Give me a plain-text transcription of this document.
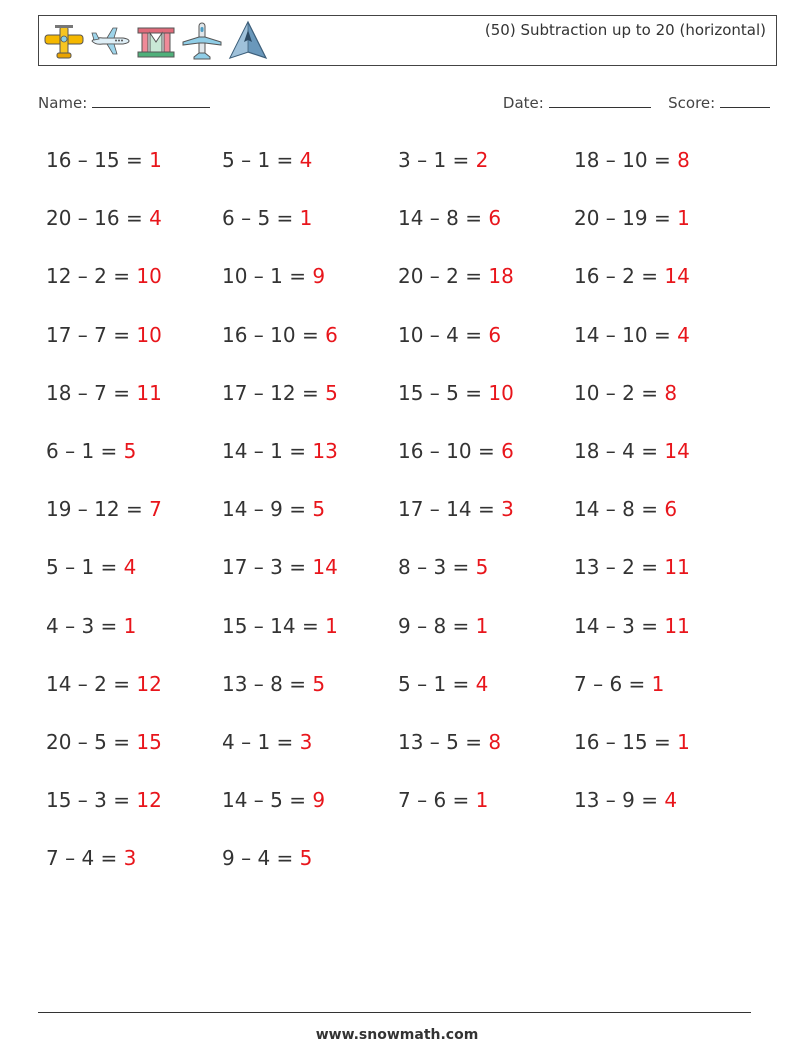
(50) Subtraction up to 20 (horizontal)
Name:	Date:	Score:
16 – 15 = 1	5 – 1 = 4	3 – 1 = 2	18 – 10 = 8
20 – 16 = 4	6 – 5 = 1	14 – 8 = 6	20 – 19 = 1
12 – 2 = 10	10 – 1 = 9	20 – 2 = 18	16 – 2 = 14
17 – 7 = 10	16 – 10 = 6	10 – 4 = 6	14 – 10 = 4
18 – 7 = 11	17 – 12 = 5	15 – 5 = 10	10 – 2 = 8
6 – 1 = 5	14 – 1 = 13	16 – 10 = 6	18 – 4 = 14
19 – 12 = 7	14 – 9 = 5	17 – 14 = 3	14 – 8 = 6
5 – 1 = 4	17 – 3 = 14	8 – 3 = 5	13 – 2 = 11
4 – 3 = 1	15 – 14 = 1	9 – 8 = 1	14 – 3 = 11
14 – 2 = 12	13 – 8 = 5	5 – 1 = 4	7 – 6 = 1
20 – 5 = 15	4 – 1 = 3	13 – 5 = 8	16 – 15 = 1
15 – 3 = 12	14 – 5 = 9	7 – 6 = 1	13 – 9 = 4
7 – 4 = 3	9 – 4 = 5
www.snowmath.com
